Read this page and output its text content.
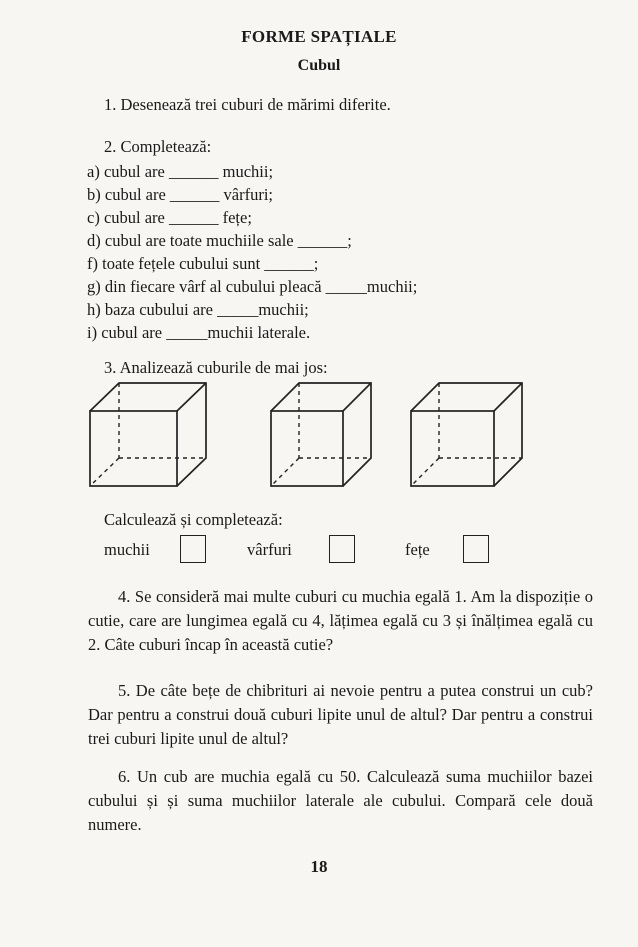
FORME SPAȚIALE
Cubul
1. Desenează trei cuburi de mărimi diferite.
2. Completează:
a) cubul are ______ muchii;
b) cubul are ______ vârfuri;
c) cubul are ______ fețe;
d) cubul are toate muchiile sale ______;
f) toate fețele cubului sunt ______;
g) din fiecare vârf al cubului pleacă _____muchii;
h) baza cubului are _____muchii;
i) cubul are _____muchii laterale.
3. Analizează cuburile de mai jos:
Calculează și completează:
muchii	vârfuri	fețe
4. Se consideră mai multe cuburi cu muchia egală 1. Am la dispoziție o cutie, care are lungimea egală cu 4, lățimea egală cu 3 și înălțimea egală cu 2. Câte cuburi încap în această cutie?
5. De câte bețe de chibrituri ai nevoie pentru a putea construi un cub? Dar pentru a construi două cuburi lipite unul de altul? Dar pentru a construi trei cuburi lipite unul de altul?
6. Un cub are muchia egală cu 50. Calculează suma muchiilor bazei cubului și și suma muchiilor laterale ale cubului. Compară cele două numere.
18
